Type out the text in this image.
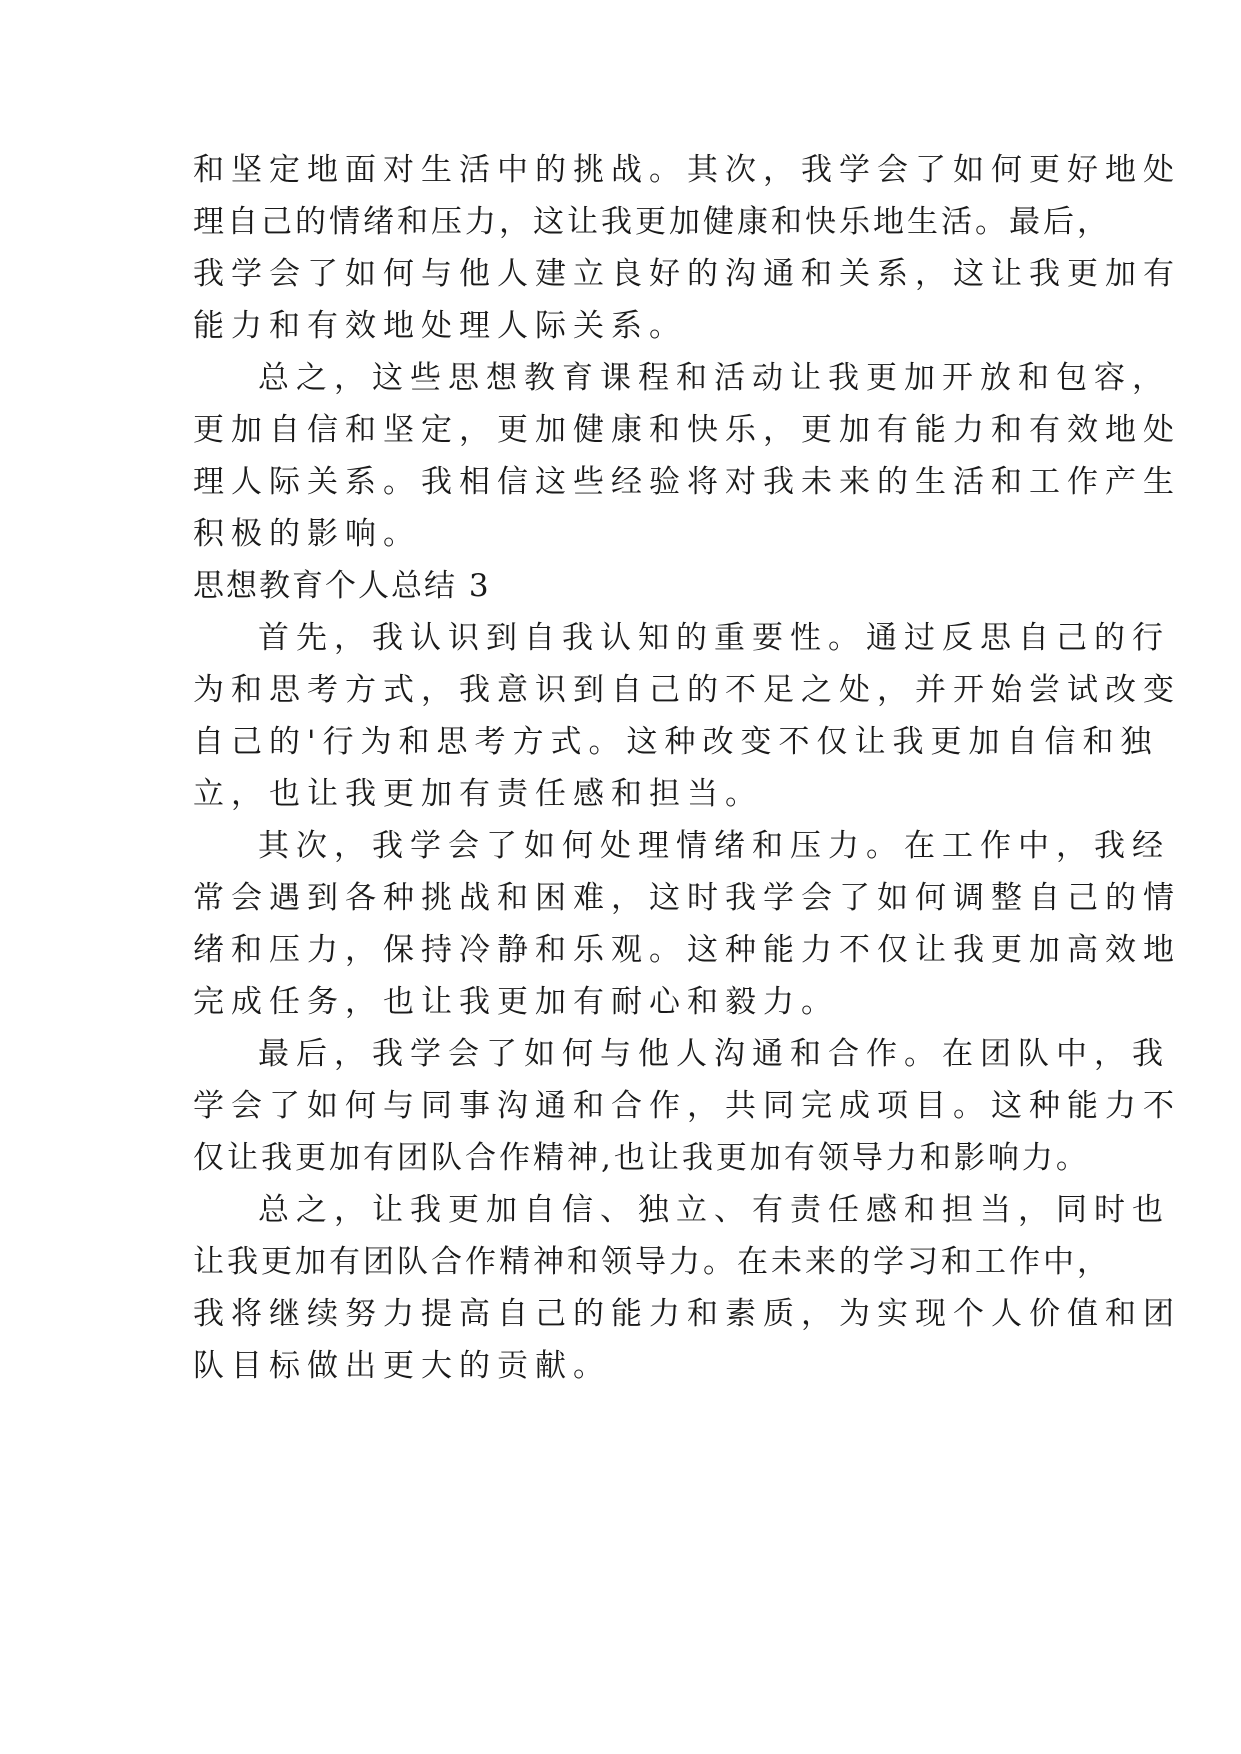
和坚定地面对生活中的挑战。其次，我学会了如何更好地处
理自己的情绪和压力，这让我更加健康和快乐地生活。最后，
我学会了如何与他人建立良好的沟通和关系，这让我更加有
能力和有效地处理人际关系。
总之，这些思想教育课程和活动让我更加开放和包容，
更加自信和坚定，更加健康和快乐，更加有能力和有效地处
理人际关系。我相信这些经验将对我未来的生活和工作产生
积极的影响。
思想教育个人总结 3
首先，我认识到自我认知的重要性。通过反思自己的行
为和思考方式，我意识到自己的不足之处，并开始尝试改变
自己的'行为和思考方式。这种改变不仅让我更加自信和独
立，也让我更加有责任感和担当。
其次，我学会了如何处理情绪和压力。在工作中，我经
常会遇到各种挑战和困难，这时我学会了如何调整自己的情
绪和压力，保持冷静和乐观。这种能力不仅让我更加高效地
完成任务，也让我更加有耐心和毅力。
最后，我学会了如何与他人沟通和合作。在团队中，我
学会了如何与同事沟通和合作，共同完成项目。这种能力不
仅让我更加有团队合作精神,也让我更加有领导力和影响力。
总之，让我更加自信、独立、有责任感和担当，同时也
让我更加有团队合作精神和领导力。在未来的学习和工作中，
我将继续努力提高自己的能力和素质，为实现个人价值和团
队目标做出更大的贡献。
